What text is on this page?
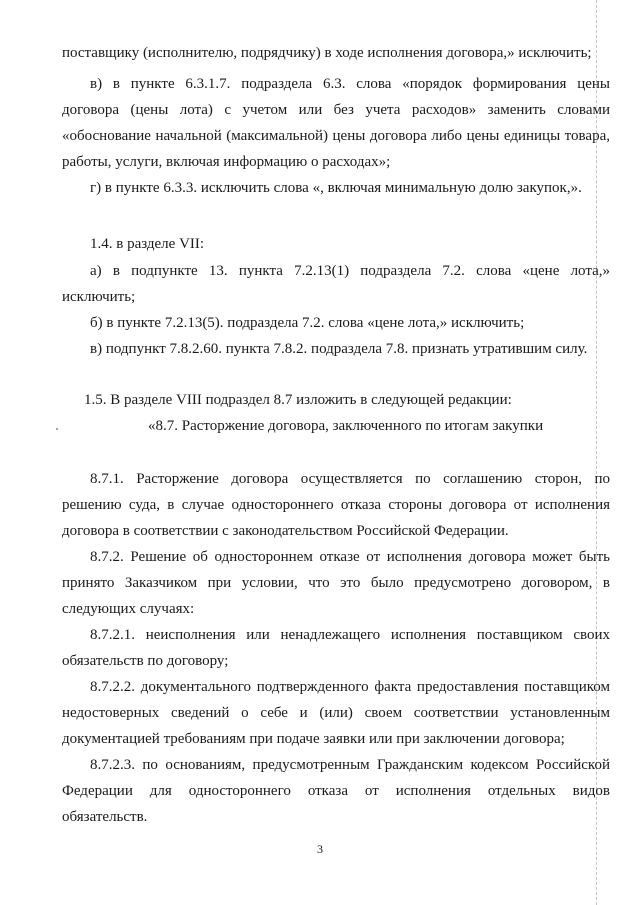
поставщику (исполнителю, подрядчику) в ходе исполнения договора,» исключить;

в) в пункте 6.3.1.7. подраздела 6.3. слова «порядок формирования цены

договора (цены лота) с учетом или без учета расходов» заменить словами

«обоснование начальной (максимальной) цены договора либо цены единицы товара,

работы, услуги, включая информацию о расходах»;

г) в пункте 6.3.3. исключить слова «, включая минимальную долю закупок,».

1.4. в разделе VII:

а) в подпункте 13. пункта 7.2.13(1) подраздела 7.2. слова «цене лота,»

исключить;

б) в пункте 7.2.13(5). подраздела 7.2. слова «цене лота,» исключить;

в) подпункт 7.8.2.60. пункта 7.8.2. подраздела 7.8. признать утратившим силу.

1.5. В разделе VIII подраздел 8.7 изложить в следующей редакции:

«8.7. Расторжение договора, заключенного по итогам закупки

8.7.1. Расторжение договора осуществляется по соглашению сторон, по

решению суда, в случае одностороннего отказа стороны договора от исполнения

договора в соответствии с законодательством Российской Федерации.

8.7.2. Решение об одностороннем отказе от исполнения договора может быть

принято Заказчиком при условии, что это было предусмотрено договором, в

следующих случаях:

8.7.2.1. неисполнения или ненадлежащего исполнения поставщиком своих

обязательств по договору;

8.7.2.2. документального подтвержденного факта предоставления поставщиком

недостоверных сведений о себе и (или) своем соответствии установленным

документацией требованиям при подаче заявки или при заключении договора;

8.7.2.3. по основаниям, предусмотренным Гражданским кодексом Российской

Федерации для одностороннего отказа от исполнения отдельных видов

обязательств.

3
